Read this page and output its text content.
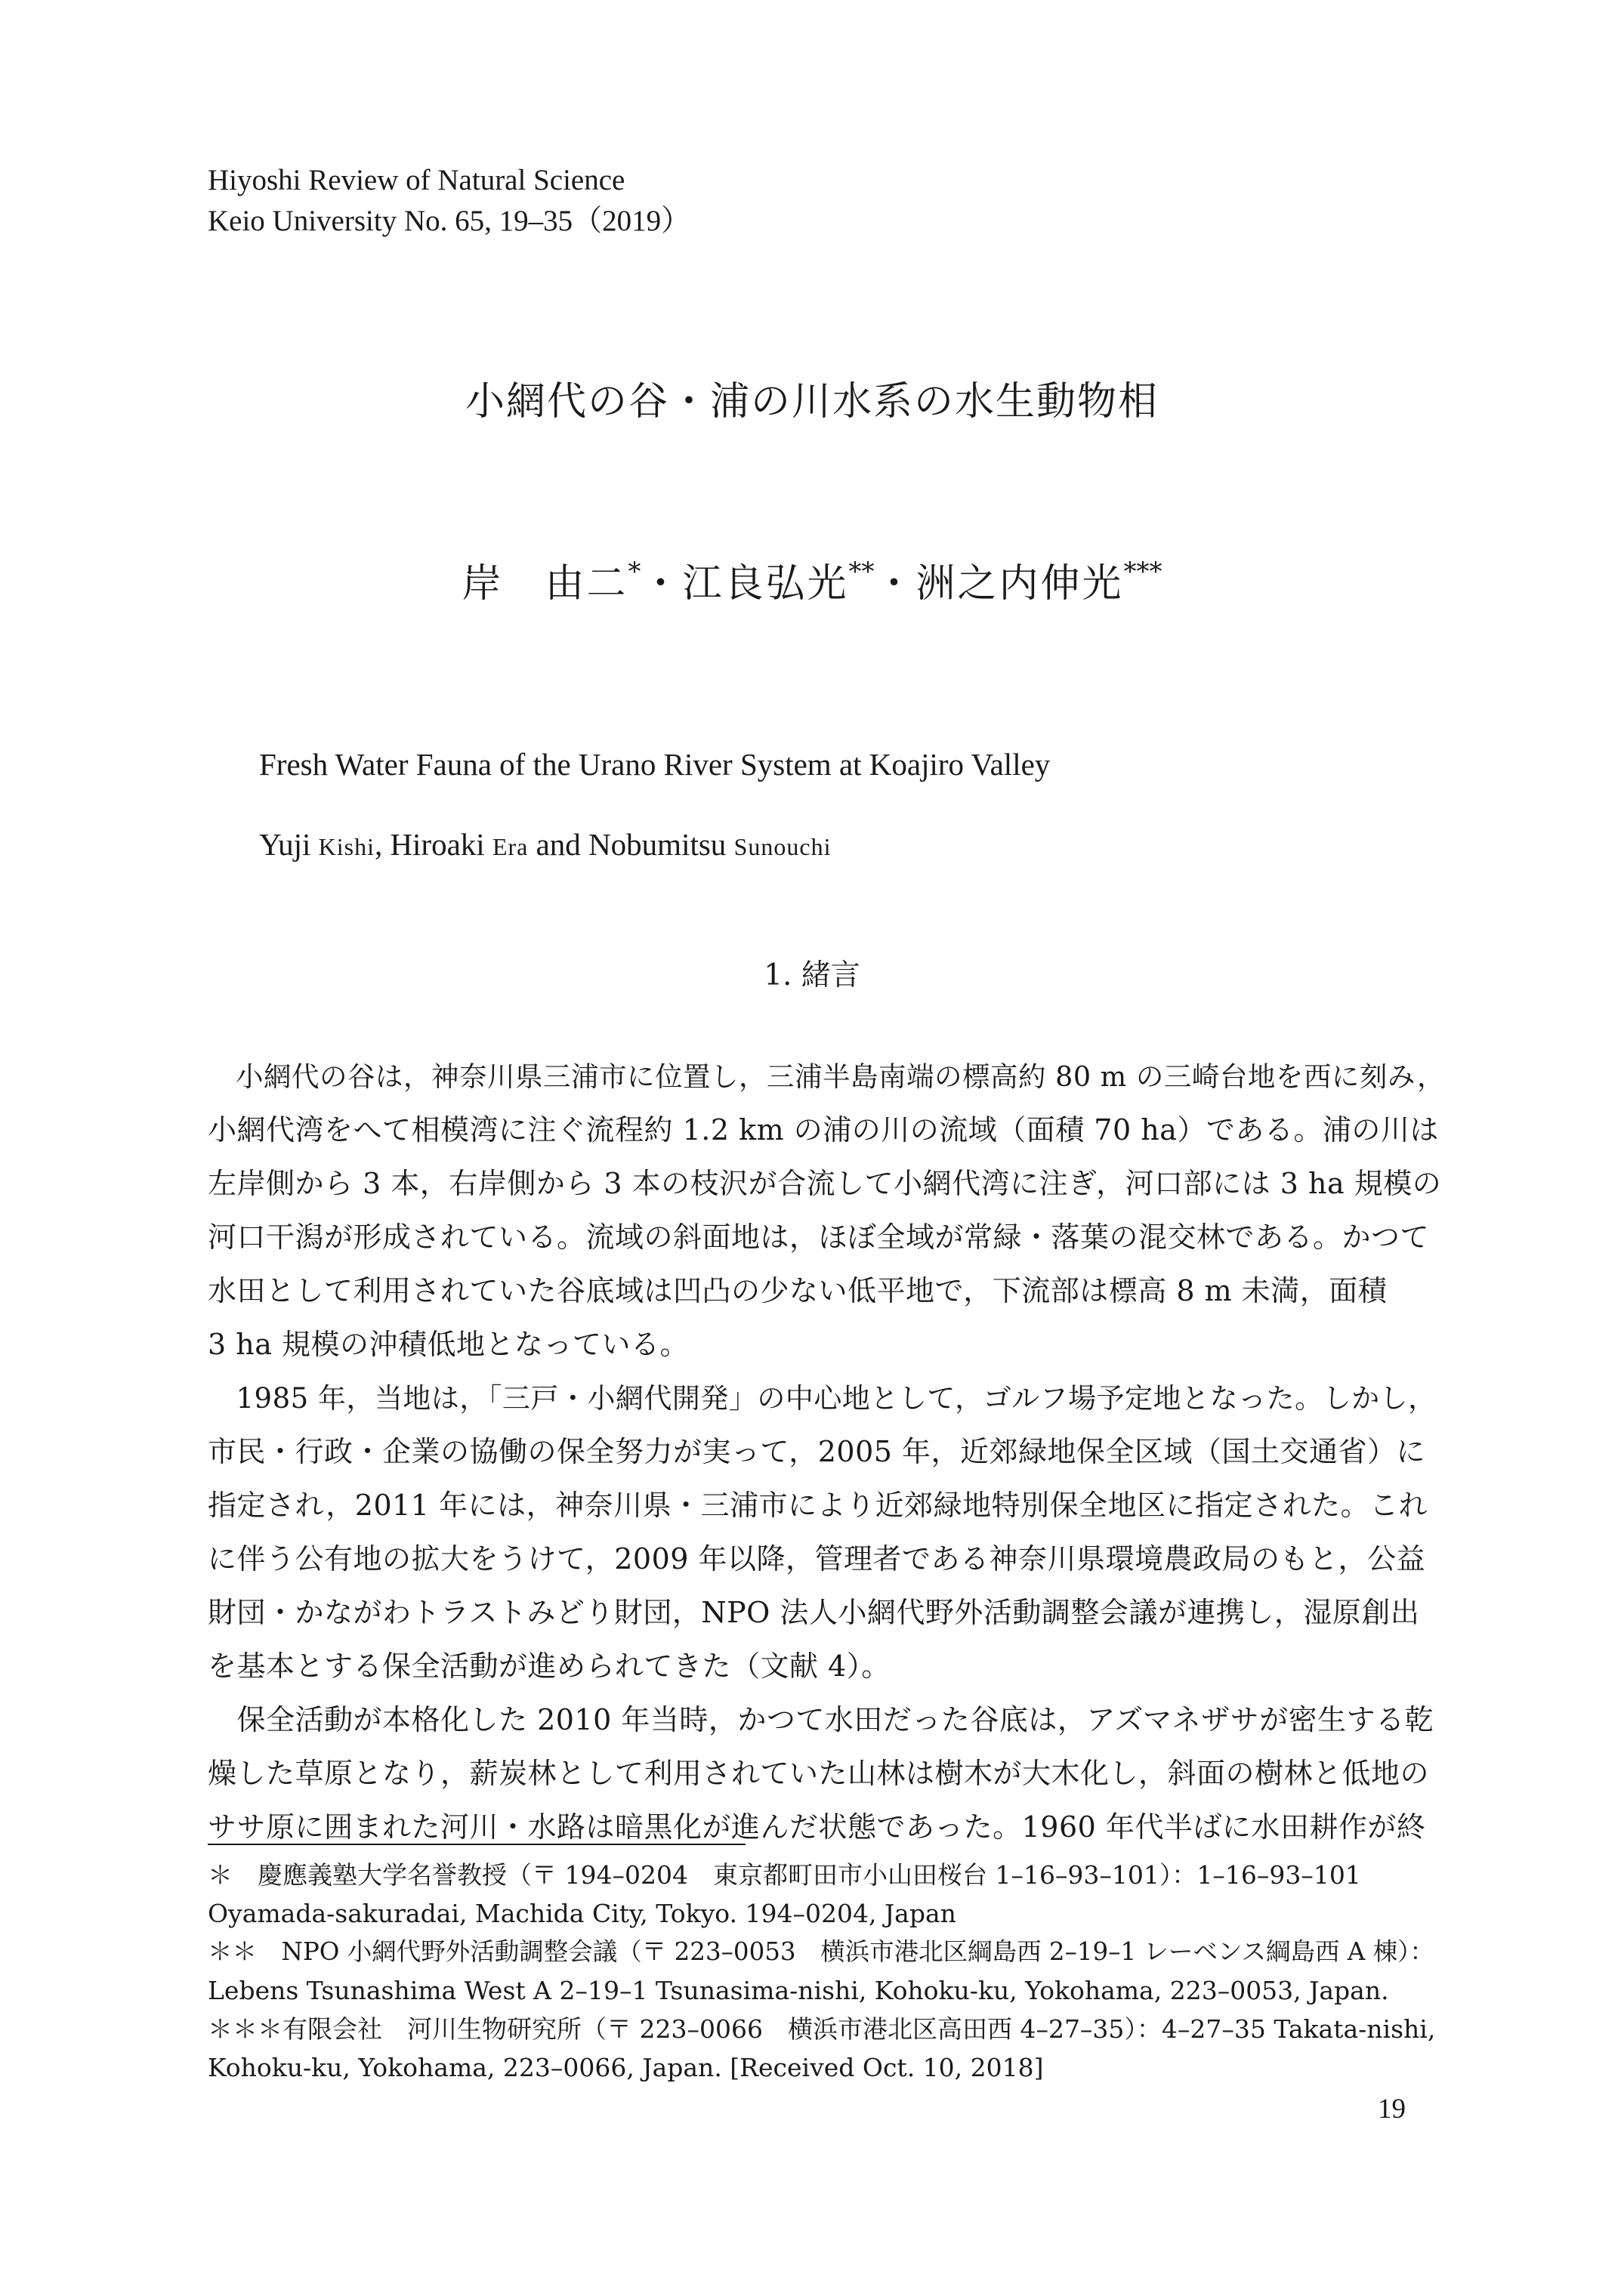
Hiyoshi Review of Natural Science
Keio University No. 65, 19–35（2019）
小網代の谷・浦の川水系の水生動物相
岸　由二*・江良弘光**・洲之内伸光***
Fresh Water Fauna of the Urano River System at Koajiro Valley
Yuji Kishi, Hiroaki Era and Nobumitsu Sunouchi
1. 緒言
　小網代の谷は，神奈川県三浦市に位置し，三浦半島南端の標高約 80 m の三崎台地を西に刻み，
小網代湾をへて相模湾に注ぐ流程約 1.2 km の浦の川の流域（面積 70 ha）である。浦の川は
左岸側から 3 本，右岸側から 3 本の枝沢が合流して小網代湾に注ぎ，河口部には 3 ha 規模の
河口干潟が形成されている。流域の斜面地は，ほぼ全域が常緑・落葉の混交林である。かつて
水田として利用されていた谷底域は凹凸の少ない低平地で，下流部は標高 8 m 未満，面積
3 ha 規模の沖積低地となっている。
　1985 年，当地は，「三戸・小網代開発」の中心地として，ゴルフ場予定地となった。しかし，
市民・行政・企業の協働の保全努力が実って，2005 年，近郊緑地保全区域（国土交通省）に
指定され，2011 年には，神奈川県・三浦市により近郊緑地特別保全地区に指定された。これ
に伴う公有地の拡大をうけて，2009 年以降，管理者である神奈川県環境農政局のもと，公益
財団・かながわトラストみどり財団，NPO 法人小網代野外活動調整会議が連携し，湿原創出
を基本とする保全活動が進められてきた（文献 4）。
　保全活動が本格化した 2010 年当時，かつて水田だった谷底は，アズマネザサが密生する乾
燥した草原となり，薪炭林として利用されていた山林は樹木が大木化し，斜面の樹林と低地の
ササ原に囲まれた河川・水路は暗黒化が進んだ状態であった。1960 年代半ばに水田耕作が終
＊　慶應義塾大学名誉教授（〒 194–0204　東京都町田市小山田桜台 1–16–93–101）：1–16–93–101
Oyamada-sakuradai, Machida City, Tokyo. 194–0204, Japan
＊＊　NPO 小網代野外活動調整会議（〒 223–0053　横浜市港北区綱島西 2–19–1 レーベンス綱島西 A 棟）：
Lebens Tsunashima West A 2–19–1 Tsunasima-nishi, Kohoku-ku, Yokohama, 223–0053, Japan.
＊＊＊有限会社　河川生物研究所（〒 223–0066　横浜市港北区高田西 4–27–35）：4–27–35 Takata-nishi,
Kohoku-ku, Yokohama, 223–0066, Japan. [Received Oct. 10, 2018]
19
